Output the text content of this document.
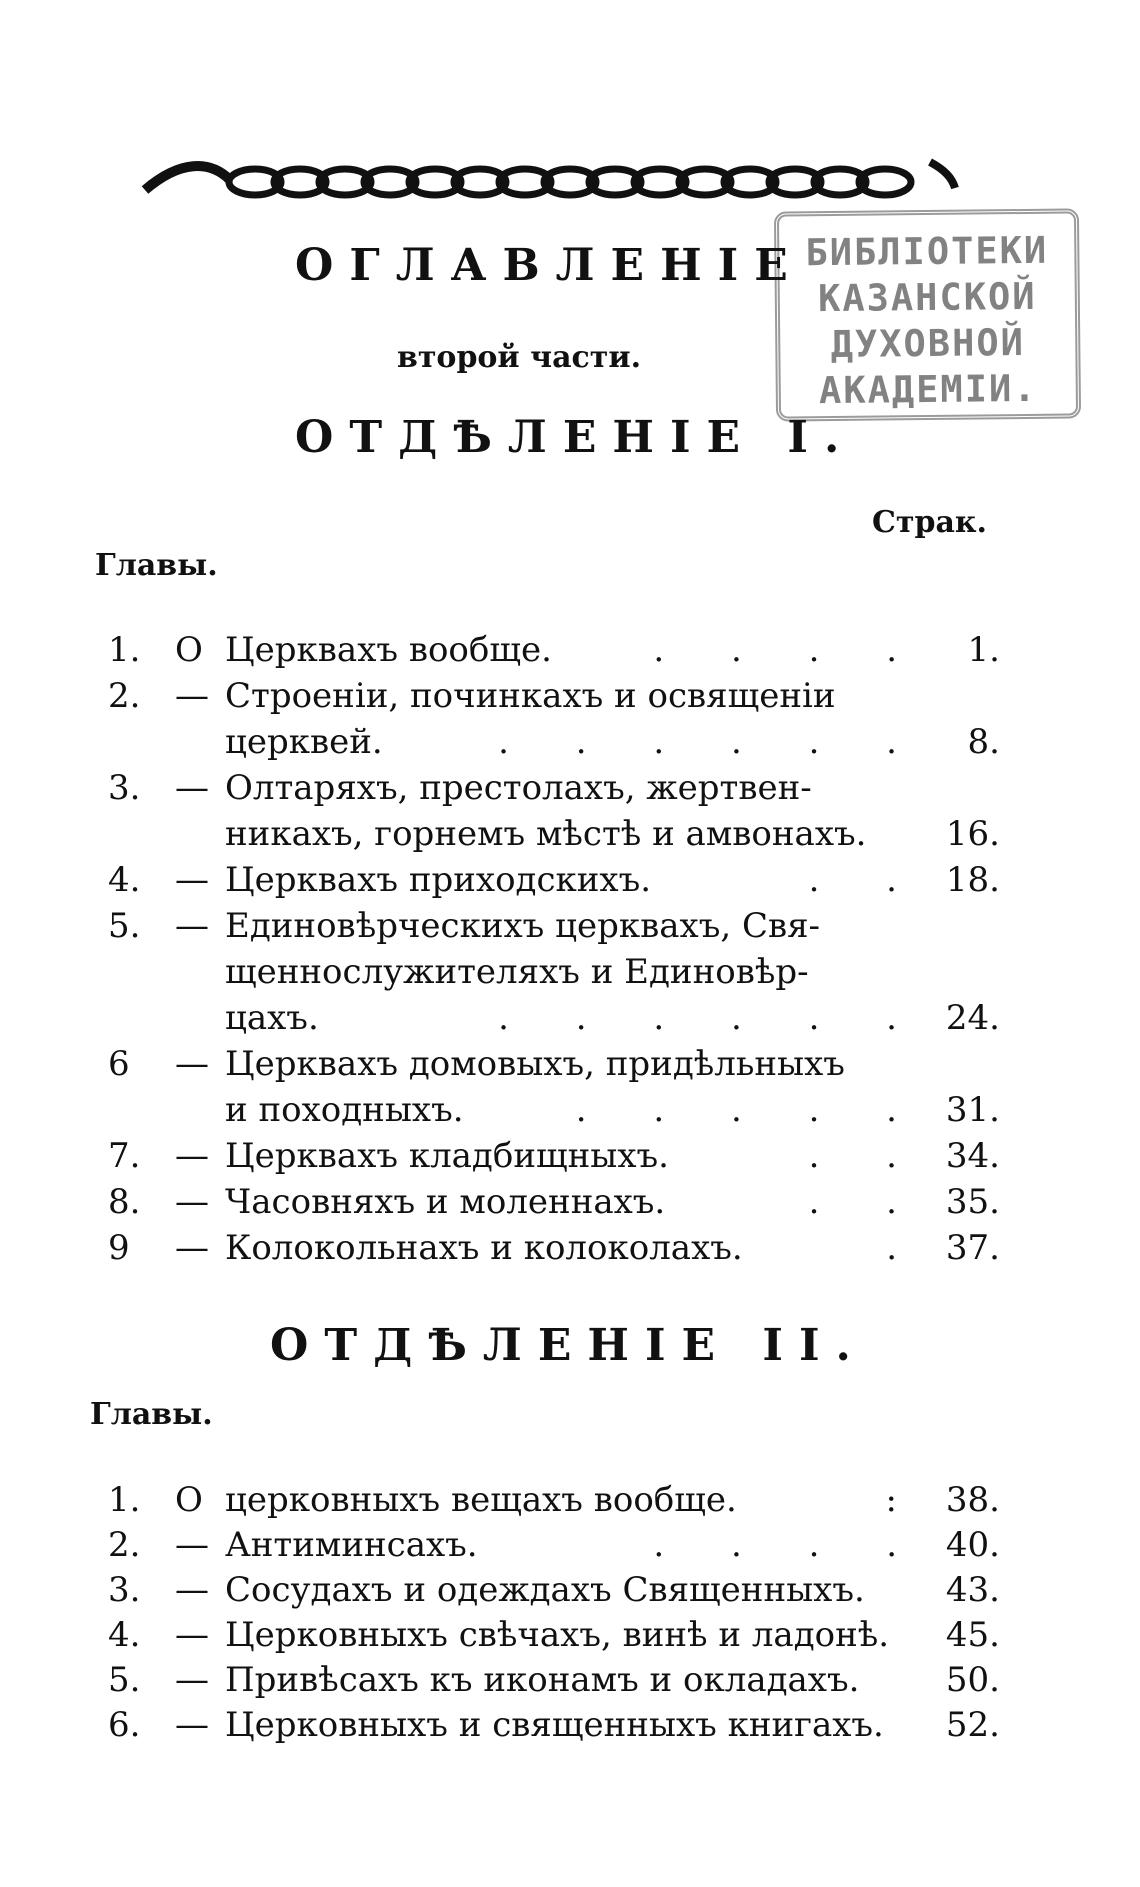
БИБЛІОТЕКИ
КАЗАНСКОЙ
ДУХОВНОЙ
АКАДЕМІИ.
ОГЛАВЛЕНІЕ
второй части.
ОТДѢЛЕНІЕ I.
Страк.
Главы.
1.	О Церквахъ вообще.	. . . . 1.
2.	— Строеніи, починкахъ и освященіи
церквей.	. . . . . . 8.
3.	— Олтаряхъ, престолахъ, жертвен-
никахъ, горнемъ мѣстѣ и амвонахъ.	16.
4.	— Церквахъ приходскихъ.	. . 18.
5.	— Единовѣрческихъ церквахъ, Свя-
щеннослужителяхъ и Единовѣр-
цахъ.	. . . . . . 24.
6	— Церквахъ домовыхъ, придѣльныхъ
и походныхъ.	. . . . . 31.
7.	— Церквахъ кладбищныхъ.	. . 34.
8.	— Часовняхъ и моленнахъ.	. . 35.
9	— Колокольнахъ и колоколахъ.	. 37.
ОТДѢЛЕНІЕ II.
Главы.
1.	О церковныхъ вещахъ вообще.	: 38.
2.	— Антиминсахъ.	. . . . 40.
3.	— Сосудахъ и одеждахъ Священныхъ.	43.
4.	— Церковныхъ свѣчахъ, винѣ и ладонѣ.	45.
5.	— Привѣсахъ къ иконамъ и окладахъ.	50.
6.	— Церковныхъ и священныхъ книгахъ.	52.
